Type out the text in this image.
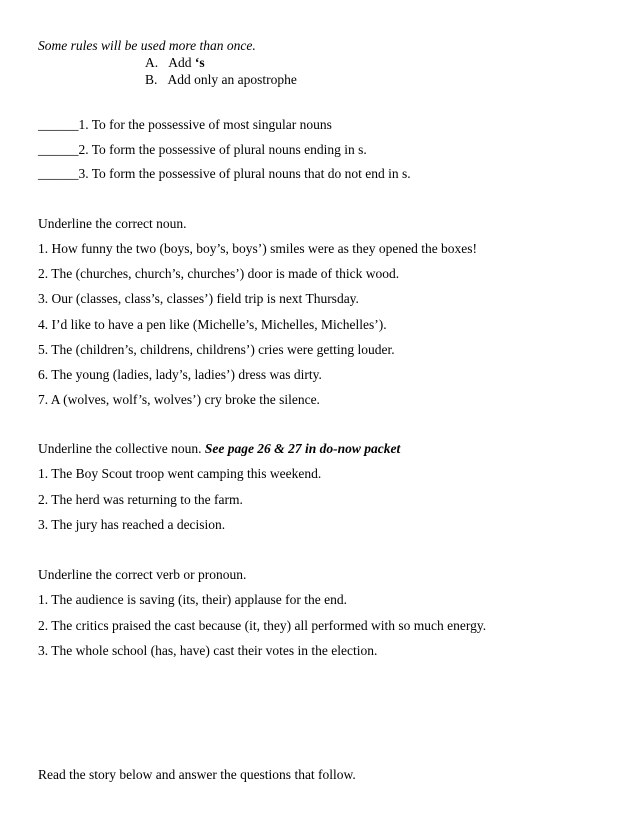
Some rules will be used more than once.
A. Add ‘s
B. Add only an apostrophe
______1. To for the possessive of most singular nouns
______2. To form the possessive of plural nouns ending in s.
______3. To form the possessive of plural nouns that do not end in s.
Underline the correct noun.
1. How funny the two (boys, boy’s, boys’) smiles were as they opened the boxes!
2. The (churches, church’s, churches’) door is made of thick wood.
3. Our (classes, class’s, classes’) field trip is next Thursday.
4. I’d like to have a pen like (Michelle’s, Michelles, Michelles’).
5. The (children’s, childrens, childrens’) cries were getting louder.
6. The young (ladies, lady’s, ladies’) dress was dirty.
7. A (wolves, wolf’s, wolves’) cry broke the silence.
Underline the collective noun. See page 26 & 27 in do-now packet
1. The Boy Scout troop went camping this weekend.
2. The herd was returning to the farm.
3. The jury has reached a decision.
Underline the correct verb or pronoun.
1. The audience is saving (its, their) applause for the end.
2. The critics praised the cast because (it, they) all performed with so much energy.
3. The whole school (has, have) cast their votes in the election.
Read the story below and answer the questions that follow.
